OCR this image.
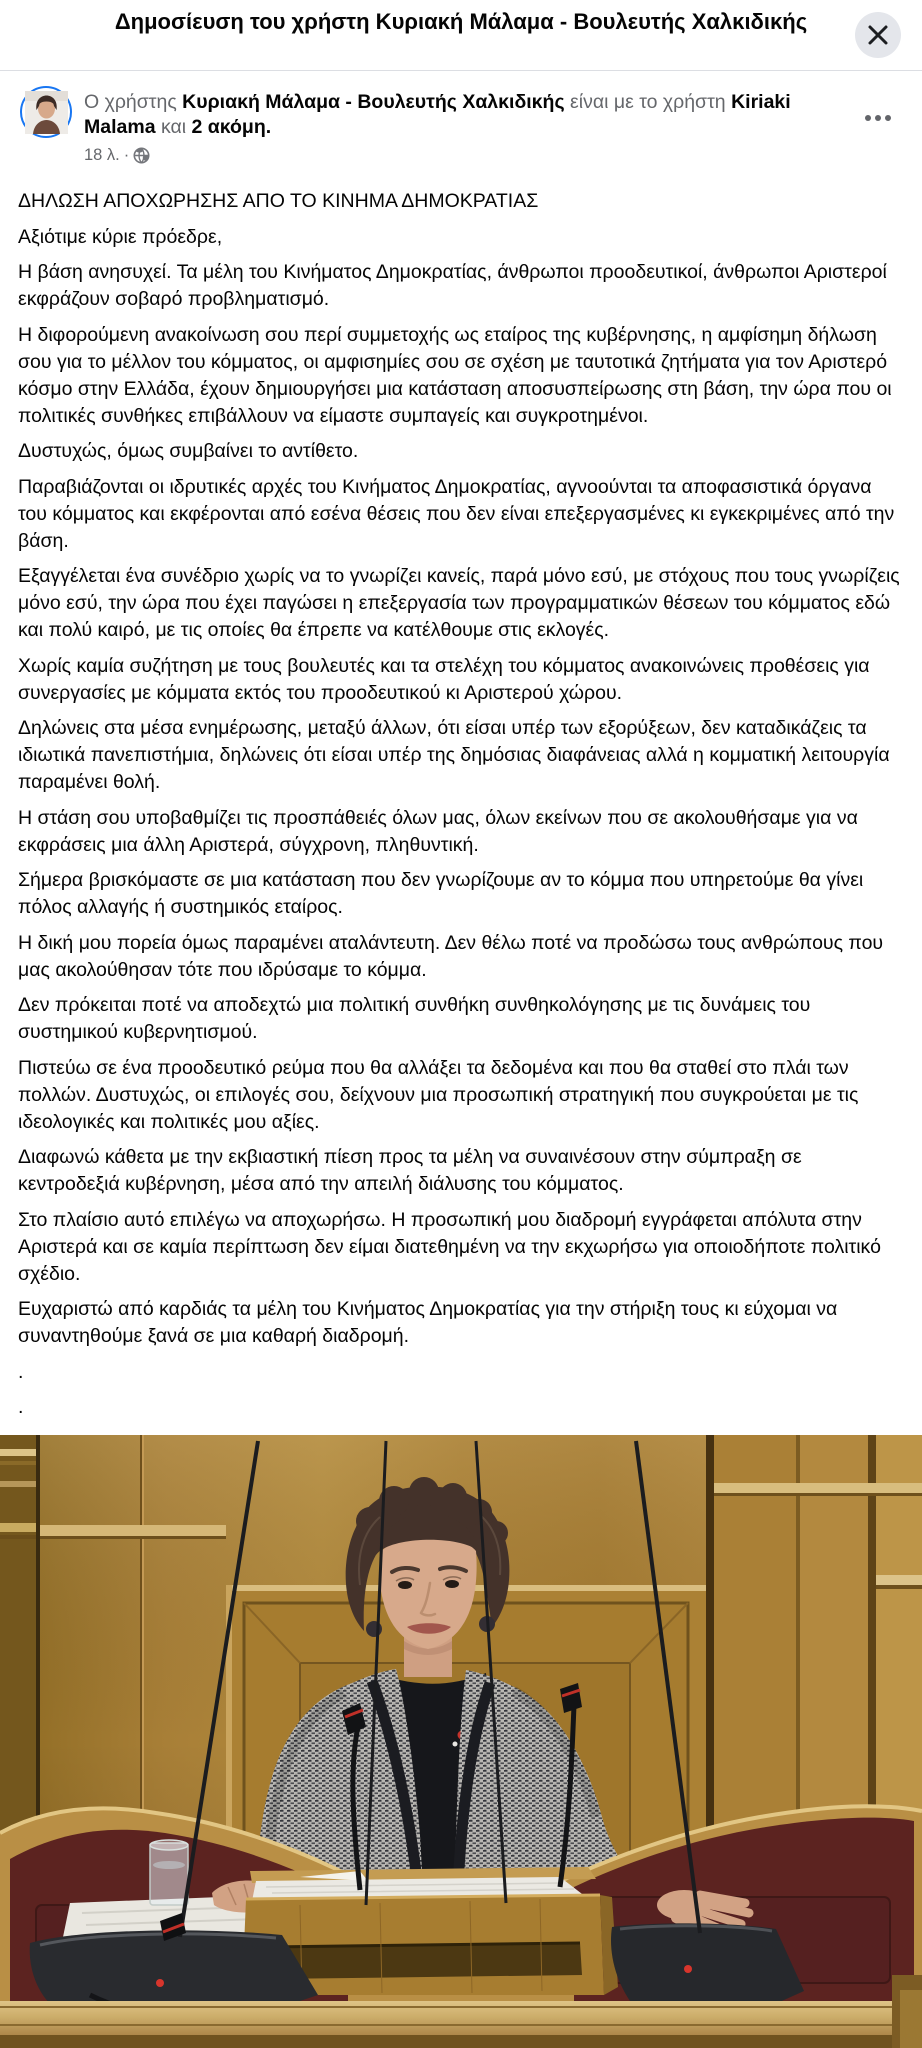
Δημοσίευση του χρήστη Κυριακή Μάλαμα - Βουλευτής Χαλκιδικής
Ο χρήστης Κυριακή Μάλαμα - Βουλευτής Χαλκιδικής είναι με το χρήστη Kiriaki Malama και 2 ακόμη.
18 λ. ·

ΔΗΛΩΣΗ ΑΠΟΧΩΡΗΣΗΣ ΑΠΟ ΤΟ ΚΙΝΗΜΑ ΔΗΜΟΚΡΑΤΙΑΣ

Αξιότιμε κύριε πρόεδρε,

Η βάση ανησυχεί. Τα μέλη του Κινήματος Δημοκρατίας, άνθρωποι προοδευτικοί, άνθρωποι Αριστεροί εκφράζουν σοβαρό προβληματισμό.

Η διφορούμενη ανακοίνωση σου περί συμμετοχής ως εταίρος της κυβέρνησης, η αμφίσημη δήλωση σου για το μέλλον του κόμματος, οι αμφισημίες σου σε σχέση με ταυτοτικά ζητήματα για τον Αριστερό κόσμο στην Ελλάδα, έχουν δημιουργήσει μια κατάσταση αποσυσπείρωσης στη βάση, την ώρα που οι πολιτικές συνθήκες επιβάλλουν να είμαστε συμπαγείς και συγκροτημένοι.

Δυστυχώς, όμως συμβαίνει το αντίθετο.

Παραβιάζονται οι ιδρυτικές αρχές του Κινήματος Δημοκρατίας, αγνοούνται τα αποφασιστικά όργανα του κόμματος και εκφέρονται από εσένα θέσεις που δεν είναι επεξεργασμένες κι εγκεκριμένες από την βάση.

Εξαγγέλεται ένα συνέδριο χωρίς να το γνωρίζει κανείς, παρά μόνο εσύ, με στόχους που τους γνωρίζεις μόνο εσύ, την ώρα που έχει παγώσει η επεξεργασία των προγραμματικών θέσεων του κόμματος εδώ και πολύ καιρό, με τις οποίες θα έπρεπε να κατέλθουμε στις εκλογές.

Χωρίς καμία συζήτηση με τους βουλευτές και τα στελέχη του κόμματος ανακοινώνεις προθέσεις για συνεργασίες με κόμματα εκτός του προοδευτικού κι Αριστερού χώρου.

Δηλώνεις στα μέσα ενημέρωσης, μεταξύ άλλων, ότι είσαι υπέρ των εξορύξεων, δεν καταδικάζεις τα ιδιωτικά πανεπιστήμια, δηλώνεις ότι είσαι υπέρ της δημόσιας διαφάνειας αλλά η κομματική λειτουργία παραμένει θολή.

Η στάση σου υποβαθμίζει τις προσπάθειές όλων μας, όλων εκείνων που σε ακολουθήσαμε για να εκφράσεις μια άλλη Αριστερά, σύγχρονη, πληθυντική.

Σήμερα βρισκόμαστε σε μια κατάσταση που δεν γνωρίζουμε αν το κόμμα που υπηρετούμε θα γίνει πόλος αλλαγής ή συστημικός εταίρος.

Η δική μου πορεία όμως παραμένει αταλάντευτη. Δεν θέλω ποτέ να προδώσω τους ανθρώπους που μας ακολούθησαν τότε που ιδρύσαμε το κόμμα.

Δεν πρόκειται ποτέ να αποδεχτώ μια πολιτική συνθήκη συνθηκολόγησης με τις δυνάμεις του συστημικού κυβερνητισμού.

Πιστεύω σε ένα προοδευτικό ρεύμα που θα αλλάξει τα δεδομένα και που θα σταθεί στο πλάι των πολλών. Δυστυχώς, οι επιλογές σου, δείχνουν μια προσωπική στρατηγική που συγκρούεται με τις ιδεολογικές και πολιτικές μου αξίες.

Διαφωνώ κάθετα με την εκβιαστική πίεση προς τα μέλη να συναινέσουν στην σύμπραξη σε κεντροδεξιά κυβέρνηση, μέσα από την απειλή διάλυσης του κόμματος.

Στο πλαίσιο αυτό επιλέγω να αποχωρήσω. Η προσωπική μου διαδρομή εγγράφεται απόλυτα στην Αριστερά και σε καμία περίπτωση δεν είμαι διατεθημένη να την εκχωρήσω για οποιοδήποτε πολιτικό σχέδιο.

Ευχαριστώ από καρδιάς τα μέλη του Κινήματος Δημοκρατίας για την στήριξη τους κι εύχομαι να συναντηθούμε ξανά σε μια καθαρή διαδρομή.

.

.
